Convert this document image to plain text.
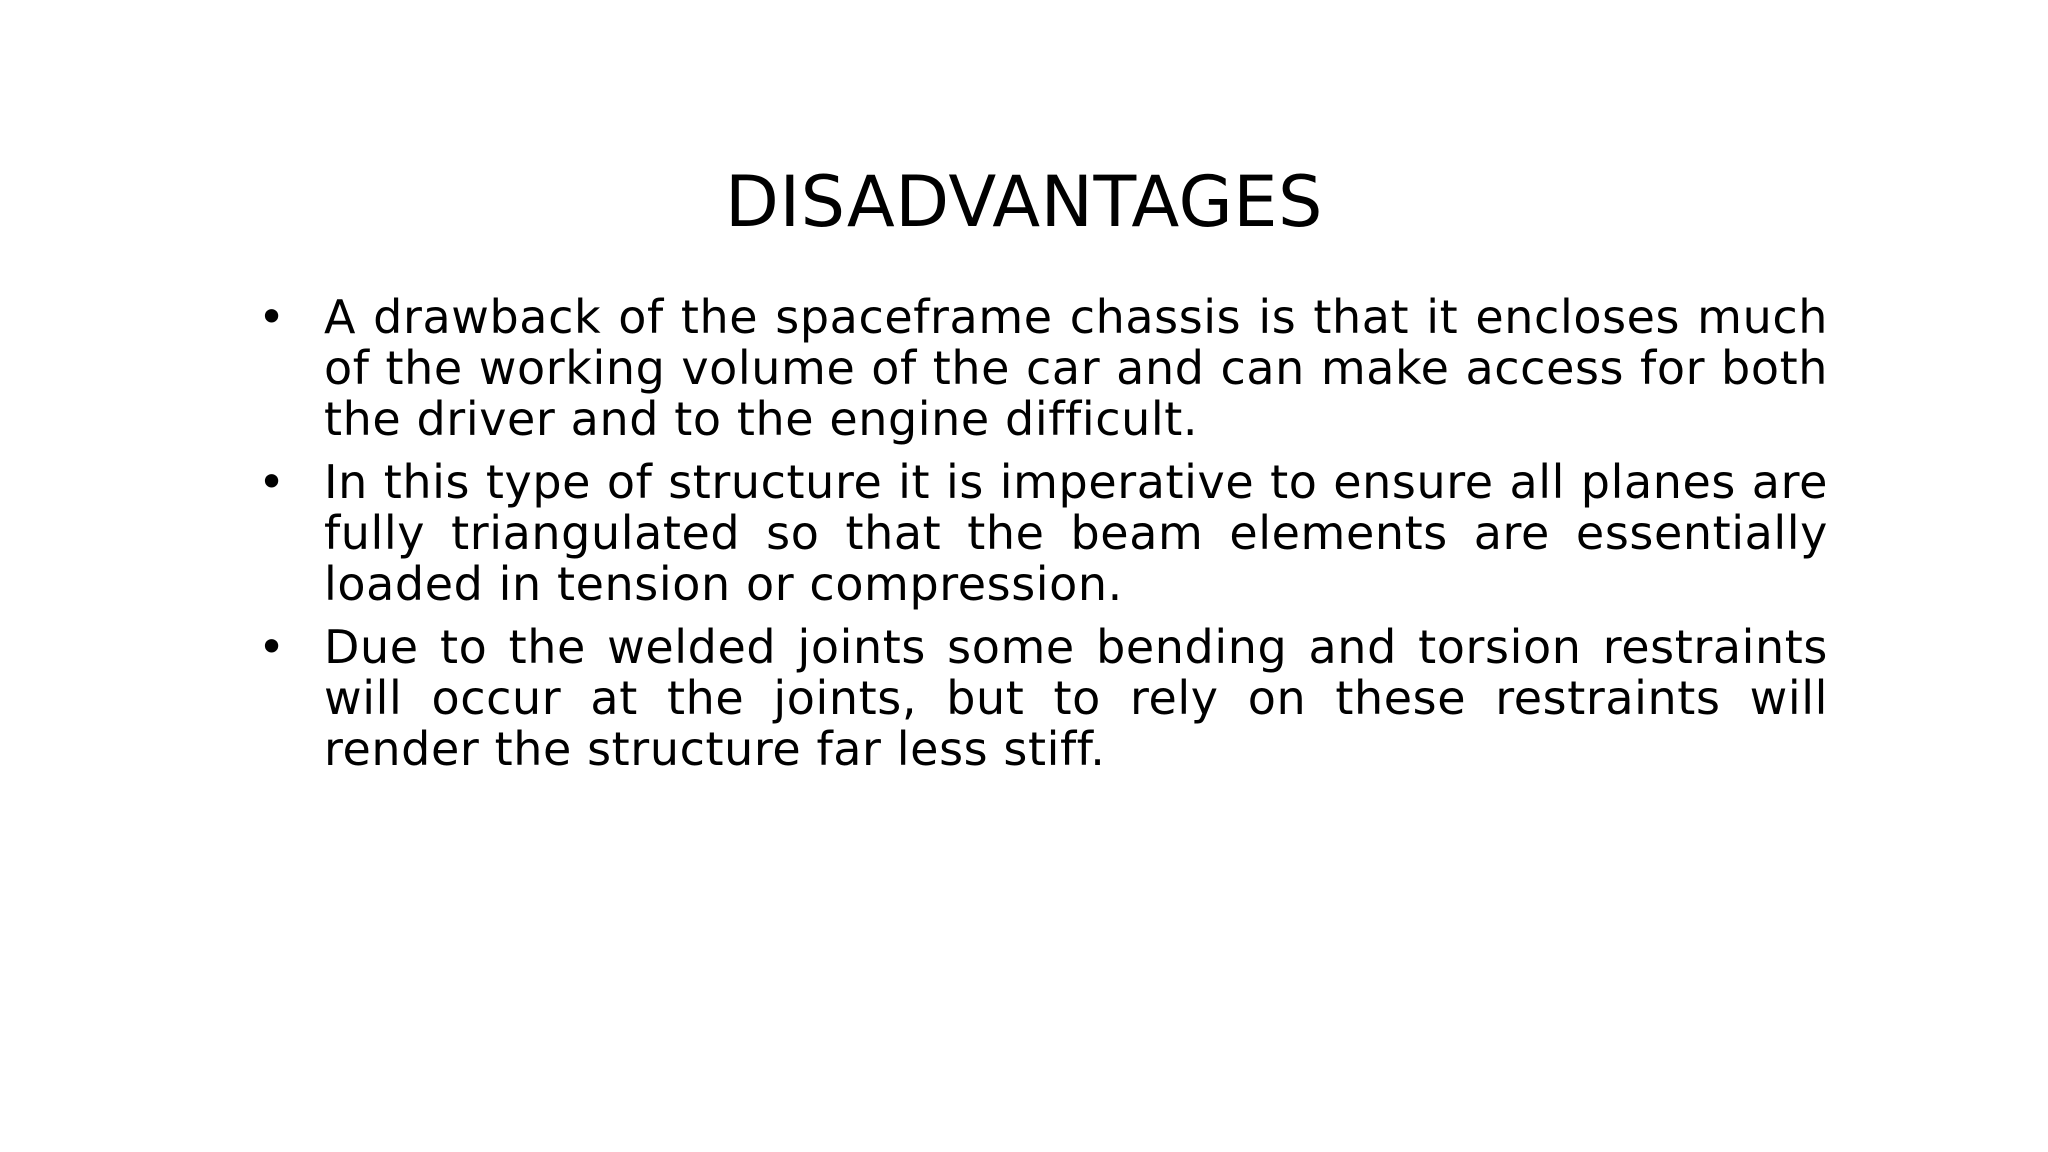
DISADVANTAGES
• A drawback of the spaceframe chassis is that it encloses much of the working volume of the car and can make access for both the driver and to the engine difficult.
• In this type of structure it is imperative to ensure all planes are fully triangulated so that the beam elements are essentially loaded in tension or compression.
• Due to the welded joints some bending and torsion restraints will occur at the joints, but to rely on these restraints will render the structure far less stiff.
